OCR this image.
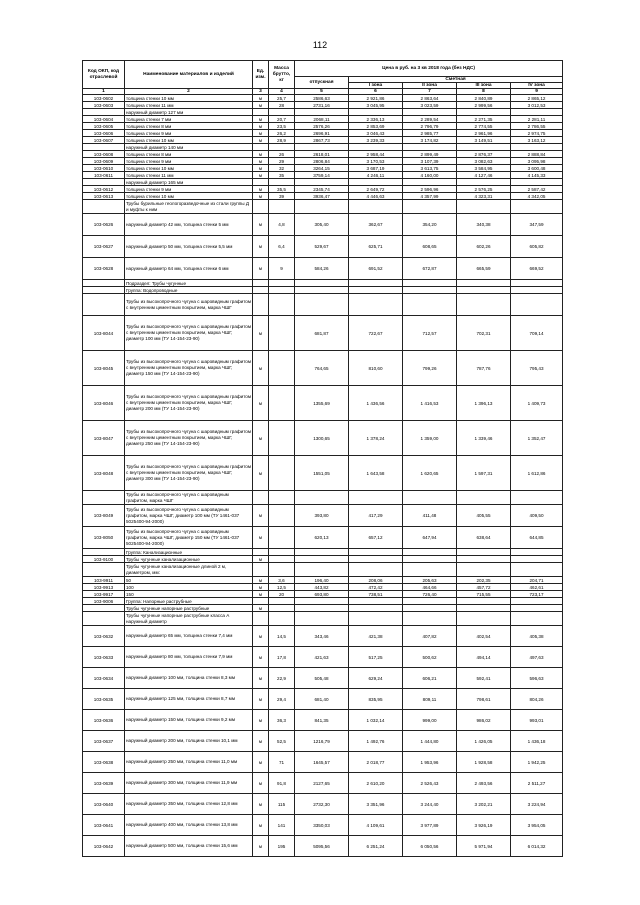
112
Код ОКП, код отраслевой	Наименование материалов и изделий	Ед. изм.	Масса брутто, кг	Цена в руб. на 3 кв 2018 года (без НДС)				
				отпускная	Сметная			
					I зона	II зона	III зона	IV зона
1	2	3	4	5	6	7	8	9
103-0602	толщина стенки 10 мм	м	25,7	2586,63	2 921,86	2 863,64	2 840,89	2 865,12
103-0603	толщина стенки 11 мм	м	28	2731,16	3 045,95	3 023,59	2 999,56	3 012,53
	наружный диаметр 127 мм							
103-0604	толщина стенки 7 мм	м	20,7	2068,11	2 336,13	2 289,54	2 271,35	2 281,11
103-0605	толщина стенки 8 мм	м	23,5	2576,26	2 853,69	2 796,79	2 774,55	2 786,55
103-0606	толщина стенки 9 мм	м	26,2	2696,91	3 046,43	2 985,77	2 961,96	2 974,75
103-0607	толщина стенки 10 мм	м	28,9	2867,73	3 239,33	3 174,82	3 149,51	3 163,12
	наружный диаметр 140 мм							
103-0608	толщина стенки 8 мм	м	26	2618,01	2 958,44	2 899,49	2 876,37	2 888,84
103-0609	толщина стенки 9 мм	м	29	2806,84	3 170,53	3 107,39	3 082,63	3 095,98
103-0610	толщина стенки 10 мм	м	32	3264,15	3 687,19	3 613,75	3 584,95	3 600,48
103-0611	толщина стенки 11 мм	м	35	3759,14	4 246,11	4 160,00	4 127,46	4 145,33
	наружный диаметр 165 мм							
103-0612	толщина стенки 9 мм	м	35,5	2345,74	2 649,72	2 596,96	2 576,25	2 587,42
103-0613	толщина стенки 10 мм	м	39	3936,47	4 446,63	4 357,99	4 323,31	4 342,05
	Трубы бурильные геологоразведочные из стали группы Д и муфты к ним							
103-0626	наружный диаметр 42 мм, толщина стенки 5 мм	м	4,8	305,40	362,67	354,20	340,38	347,59
103-0627	наружный диаметр 50 мм, толщина стенки 5,5 мм	м	6,4	529,67	625,71	608,65	602,26	605,82
103-0628	наружный диаметр 64 мм, толщина стенки 6 мм	м	9	584,26	691,52	672,87	665,59	669,52
	Подраздел: Трубы чугунные							
	Группа: Водопроводные							
	Трубы из высокопрочного чугуна с шаровидным графитом с внутренним цементным покрытием, марка ЧШГ							
103-8044	Трубы из высокопрочного чугуна с шаровидным графитом с внутренним цементным покрытием, марка ЧШГ, диаметр 100 мм (ТУ 14-154-23-90)	м		681,87	722,67	712,57	702,31	709,14
103-8045	Трубы из высокопрочного чугуна с шаровидным графитом с внутренним цементным покрытием, марка ЧШГ, диаметр 150 мм (ТУ 14-154-23-90)	м		764,65	810,60	799,26	787,76	795,43
103-8046	Трубы из высокопрочного чугуна с шаровидным графитом с внутренним цементным покрытием, марка ЧШГ, диаметр 200 мм (ТУ 14-154-23-90)	м		1355,69	1 436,56	1 416,53	1 396,13	1 409,73
103-8047	Трубы из высокопрочного чугуна с шаровидным графитом с внутренним цементным покрытием, марка ЧШГ, диаметр 250 мм (ТУ 14-154-23-90)	м		1300,65	1 378,24	1 359,00	1 339,46	1 352,47
103-8048	Трубы из высокопрочного чугуна с шаровидным графитом с внутренним цементным покрытием, марка ЧШГ, диаметр 300 мм (ТУ 14-154-23-90)	м		1551,05	1 643,58	1 620,65	1 597,31	1 612,86
	Трубы из высокопрочного чугуна с шаровидным графитом, марка ЧШГ							
103-8049	Трубы из высокопрочного чугуна с шаровидным графитом, марка ЧШГ, диаметр 100 мм (ТУ 1461-037 5025400-94-2000)	м		393,80	417,29	411,48	405,55	409,50
103-8050	Трубы из высокопрочного чугуна с шаровидным графитом, марка ЧШГ, диаметр 150 мм (ТУ 1461-037 5025400-94-2000)	м		620,13	657,12	647,94	638,64	644,85
	Группа: Канализационные							
103-9100	Трубы чугунные канализационные	м						
	Трубы чугунные канализационные длиной 2 м, диаметром, мм:							
103-9911	50	м	3,6	196,40	208,06	205,63	202,35	204,71
103-9913	100	м	12,5	443,82	472,42	464,66	457,72	462,61
103-9917	150	м	20	693,80	738,51	726,40	715,55	723,17
103-9006	Группа: Напорные раструбные							
	Трубы чугунные напорные раструбные	м						
	Трубы чугунные напорные раструбные класса А наружный диаметр							
103-0632	наружный диаметр 65 мм, толщина стенки 7,4 мм	м	14,5	343,46	421,38	407,82	402,54	405,38
103-0633	наружный диаметр 80 мм, толщина стенки 7,9 мм	м	17,8	421,63	517,25	500,62	494,14	497,63
103-0634	наружный диаметр 100 мм, толщина стенки 8,3 мм	м	22,9	505,48	629,24	606,21	592,41	596,63
103-0635	наружный диаметр 125 мм, толщина стенки 8,7 мм	м	29,4	681,40	835,95	809,11	798,61	804,26
103-0636	наружный диаметр 150 мм, толщина стенки 9,2 мм	м	36,3	841,35	1 032,14	999,00	986,02	993,01
103-0637	наружный диаметр 200 мм, толщина стенки 10,1 мм	м	52,5	1216,79	1 492,76	1 444,80	1 426,05	1 436,18
103-0638	наружный диаметр 250 мм, толщина стенки 11,0 мм	м	71	1645,57	2 018,77	1 953,96	1 928,58	1 942,25
103-0639	наружный диаметр 300 мм, толщина стенки 11,9 мм	м	91,8	2127,65	2 610,20	2 526,43	2 493,56	2 511,27
103-0640	наружный диаметр 350 мм, толщина стенки 12,8 мм	м	115	2732,30	3 351,96	3 244,40	3 202,21	3 224,94
103-0641	наружный диаметр 400 мм, толщина стенки 13,8 мм	м	141	3350,03	4 109,61	3 977,89	3 926,19	3 954,05
103-0642	наружный диаметр 500 мм, толщина стенки 15,6 мм	м	195	5095,56	6 251,24	6 050,56	5 971,94	6 014,32
